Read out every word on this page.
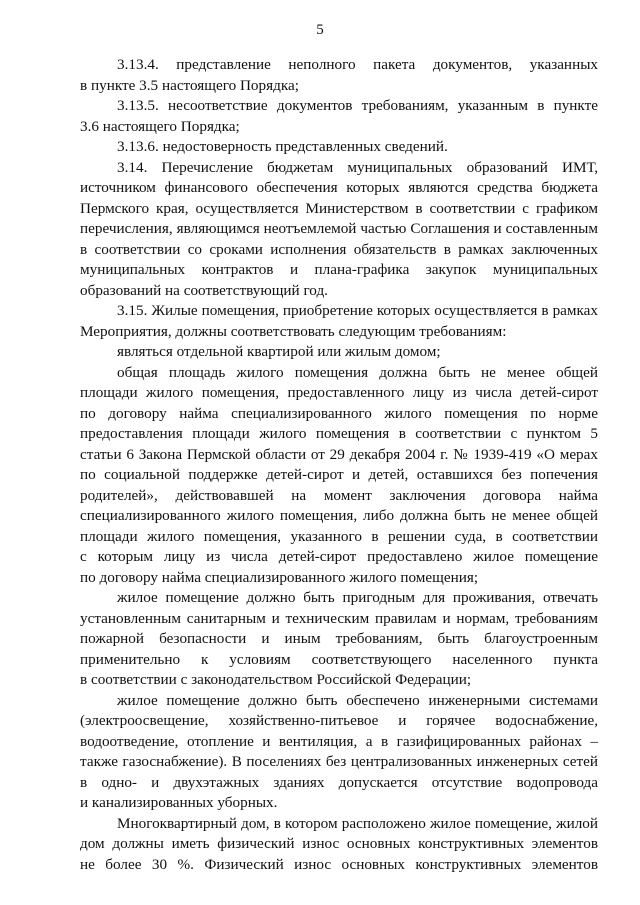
5
3.13.4. представление неполного пакета документов, указанных
в пункте 3.5 настоящего Порядка;
3.13.5. несоответствие документов требованиям, указанным в пункте
3.6 настоящего Порядка;
3.13.6. недостоверность представленных сведений.
3.14. Перечисление бюджетам муниципальных образований ИМТ,
источником финансового обеспечения которых являются средства бюджета
Пермского края, осуществляется Министерством в соответствии с графиком
перечисления, являющимся неотъемлемой частью Соглашения и составленным
в соответствии со сроками исполнения обязательств в рамках заключенных
муниципальных контрактов и плана-графика закупок муниципальных
образований на соответствующий год.
3.15. Жилые помещения, приобретение которых осуществляется в рамках
Мероприятия, должны соответствовать следующим требованиям:
являться отдельной квартирой или жилым домом;
общая площадь жилого помещения должна быть не менее общей
площади жилого помещения, предоставленного лицу из числа детей-сирот
по договору найма специализированного жилого помещения по норме
предоставления площади жилого помещения в соответствии с пунктом 5
статьи 6 Закона Пермской области от 29 декабря 2004 г. № 1939-419 «О мерах
по социальной поддержке детей-сирот и детей, оставшихся без попечения
родителей», действовавшей на момент заключения договора найма
специализированного жилого помещения, либо должна быть не менее общей
площади жилого помещения, указанного в решении суда, в соответствии
с которым лицу из числа детей-сирот предоставлено жилое помещение
по договору найма специализированного жилого помещения;
жилое помещение должно быть пригодным для проживания, отвечать
установленным санитарным и техническим правилам и нормам, требованиям
пожарной безопасности и иным требованиям, быть благоустроенным
применительно к условиям соответствующего населенного пункта
в соответствии с законодательством Российской Федерации;
жилое помещение должно быть обеспечено инженерными системами
(электроосвещение, хозяйственно-питьевое и горячее водоснабжение,
водоотведение, отопление и вентиляция, а в газифицированных районах –
также газоснабжение). В поселениях без централизованных инженерных сетей
в одно- и двухэтажных зданиях допускается отсутствие водопровода
и канализированных уборных.
Многоквартирный дом, в котором расположено жилое помещение, жилой
дом должны иметь физический износ основных конструктивных элементов
не более 30 %. Физический износ основных конструктивных элементов
